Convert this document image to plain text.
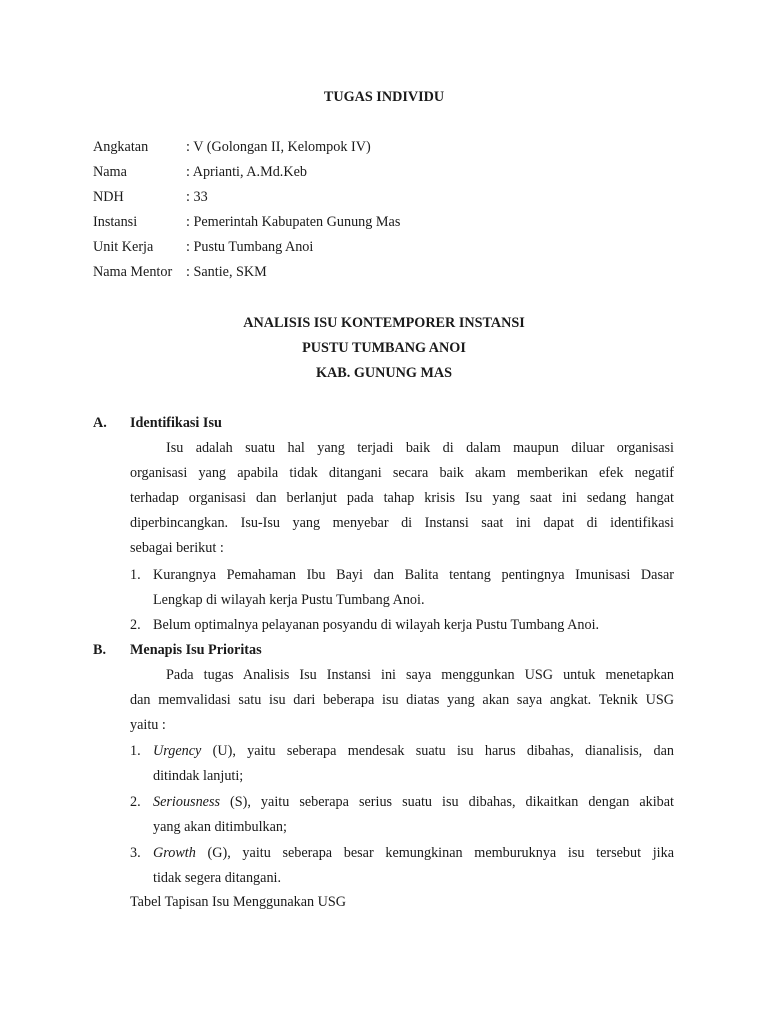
TUGAS INDIVIDU
Angkatan	: V (Golongan II, Kelompok IV)
Nama	: Aprianti, A.Md.Keb
NDH	: 33
Instansi	: Pemerintah Kabupaten Gunung Mas
Unit Kerja : Pustu Tumbang Anoi
Nama Mentor : Santie, SKM
ANALISIS ISU KONTEMPORER INSTANSI
PUSTU TUMBANG ANOI
KAB. GUNUNG MAS
A. Identifikasi Isu
Isu adalah suatu hal yang terjadi baik di dalam maupun diluar organisasi
organisasi yang apabila tidak ditangani secara baik akam memberikan efek negatif
terhadap organisasi dan berlanjut pada tahap krisis Isu yang saat ini sedang hangat
diperbincangkan. Isu-Isu yang menyebar di Instansi saat ini dapat di identifikasi
sebagai berikut :
1. Kurangnya Pemahaman Ibu Bayi dan Balita tentang pentingnya Imunisasi Dasar
Lengkap di wilayah kerja Pustu Tumbang Anoi.
2. Belum optimalnya pelayanan posyandu di wilayah kerja Pustu Tumbang Anoi.
B. Menapis Isu Prioritas
Pada tugas Analisis Isu Instansi ini saya menggunkan USG untuk menetapkan
dan memvalidasi satu isu dari beberapa isu diatas yang akan saya angkat. Teknik USG
yaitu :
1. Urgency (U), yaitu seberapa mendesak suatu isu harus dibahas, dianalisis, dan
ditindak lanjuti;
2. Seriousness (S), yaitu seberapa serius suatu isu dibahas, dikaitkan dengan akibat
yang akan ditimbulkan;
3. Growth (G), yaitu seberapa besar kemungkinan memburuknya isu tersebut jika
tidak segera ditangani.
Tabel Tapisan Isu Menggunakan USG
